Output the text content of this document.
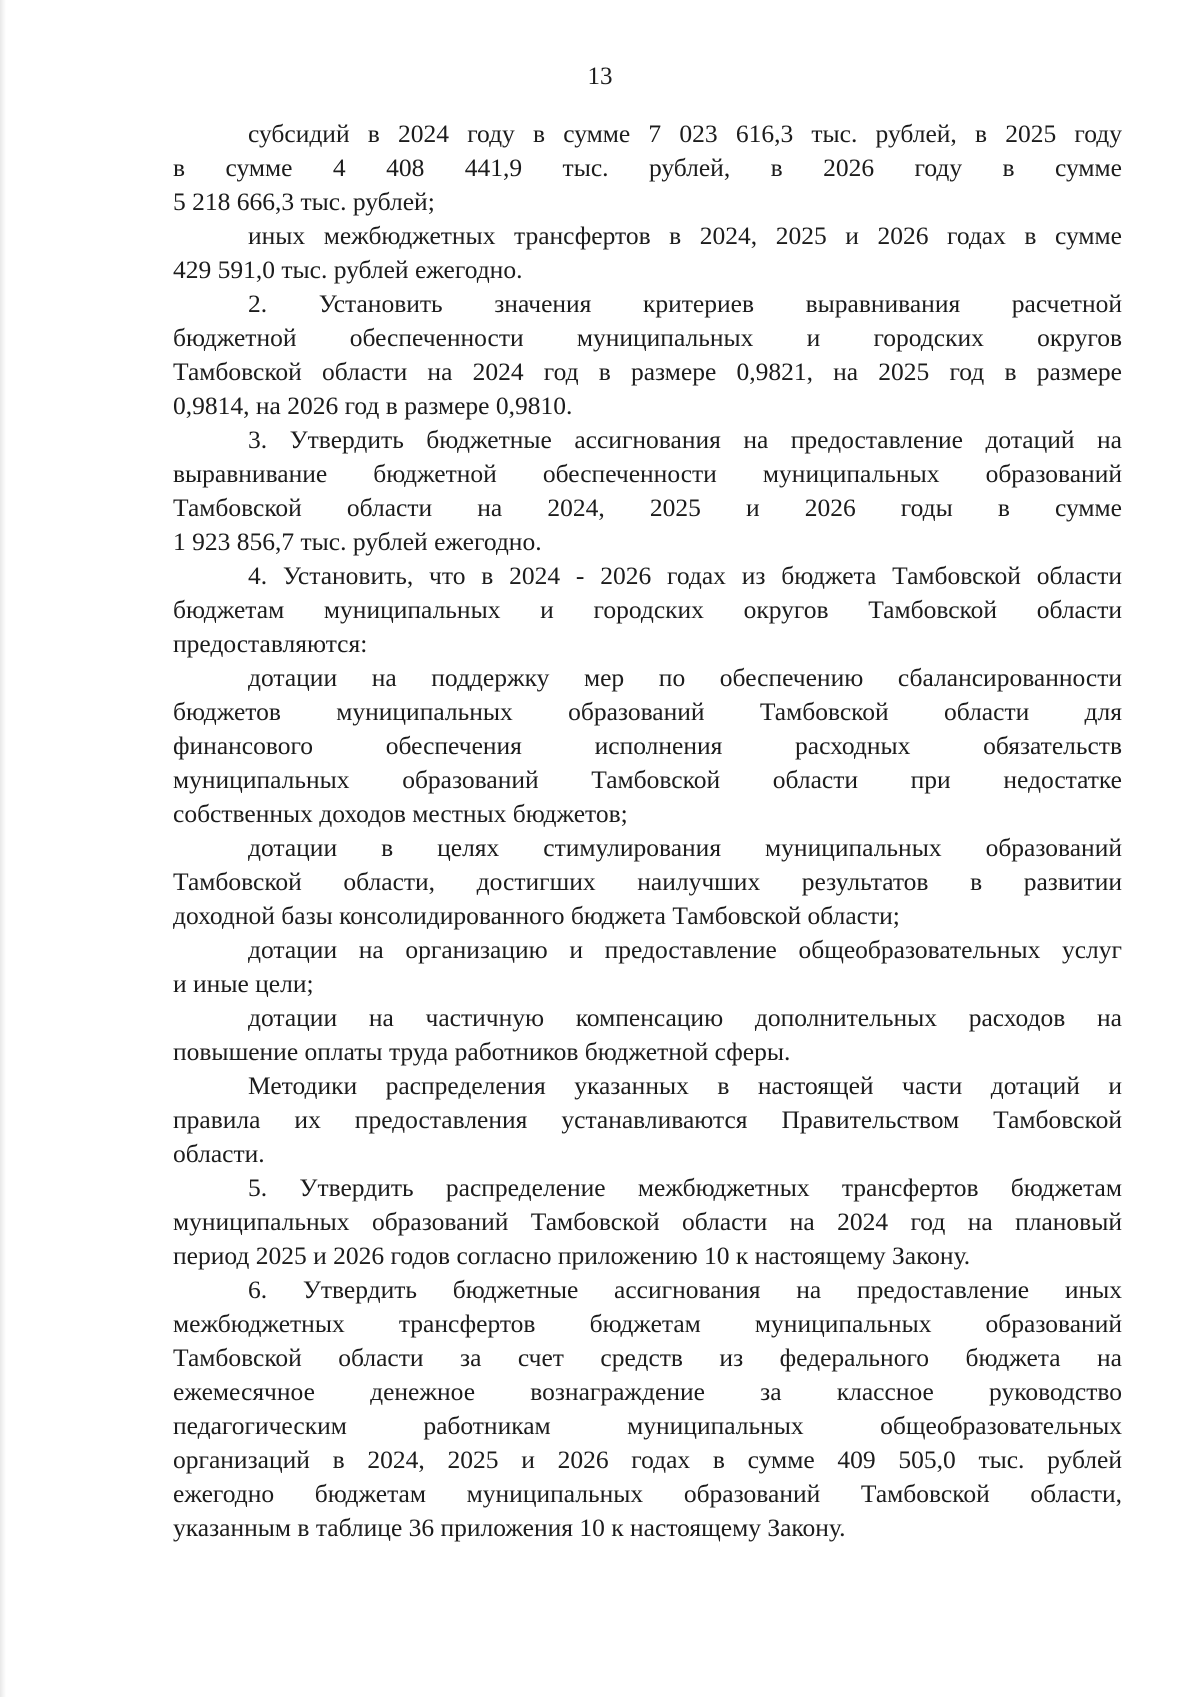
13
субсидий в 2024 году в сумме 7 023 616,3 тыс. рублей, в 2025 году
в сумме 4 408 441,9 тыс. рублей, в 2026 году в сумме
5 218 666,3 тыс. рублей;
иных межбюджетных трансфертов в 2024, 2025 и 2026 годах в сумме
429 591,0 тыс. рублей ежегодно.
2. Установить значения критериев выравнивания расчетной
бюджетной обеспеченности муниципальных и городских округов
Тамбовской области на 2024 год в размере 0,9821, на 2025 год в размере
0,9814, на 2026 год в размере 0,9810.
3. Утвердить бюджетные ассигнования на предоставление дотаций на
выравнивание бюджетной обеспеченности муниципальных образований
Тамбовской области на 2024, 2025 и 2026 годы в сумме
1 923 856,7 тыс. рублей ежегодно.
4. Установить, что в 2024 - 2026 годах из бюджета Тамбовской области
бюджетам муниципальных и городских округов Тамбовской области
предоставляются:
дотации на поддержку мер по обеспечению сбалансированности
бюджетов муниципальных образований Тамбовской области для
финансового обеспечения исполнения расходных обязательств
муниципальных образований Тамбовской области при недостатке
собственных доходов местных бюджетов;
дотации в целях стимулирования муниципальных образований
Тамбовской области, достигших наилучших результатов в развитии
доходной базы консолидированного бюджета Тамбовской области;
дотации на организацию и предоставление общеобразовательных услуг
и иные цели;
дотации на частичную компенсацию дополнительных расходов на
повышение оплаты труда работников бюджетной сферы.
Методики распределения указанных в настоящей части дотаций и
правила их предоставления устанавливаются Правительством Тамбовской
области.
5. Утвердить распределение межбюджетных трансфертов бюджетам
муниципальных образований Тамбовской области на 2024 год на плановый
период 2025 и 2026 годов согласно приложению 10 к настоящему Закону.
6. Утвердить бюджетные ассигнования на предоставление иных
межбюджетных трансфертов бюджетам муниципальных образований
Тамбовской области за счет средств из федерального бюджета на
ежемесячное денежное вознаграждение за классное руководство
педагогическим работникам муниципальных общеобразовательных
организаций в 2024, 2025 и 2026 годах в сумме 409 505,0 тыс. рублей
ежегодно бюджетам муниципальных образований Тамбовской области,
указанным в таблице 36 приложения 10 к настоящему Закону.
